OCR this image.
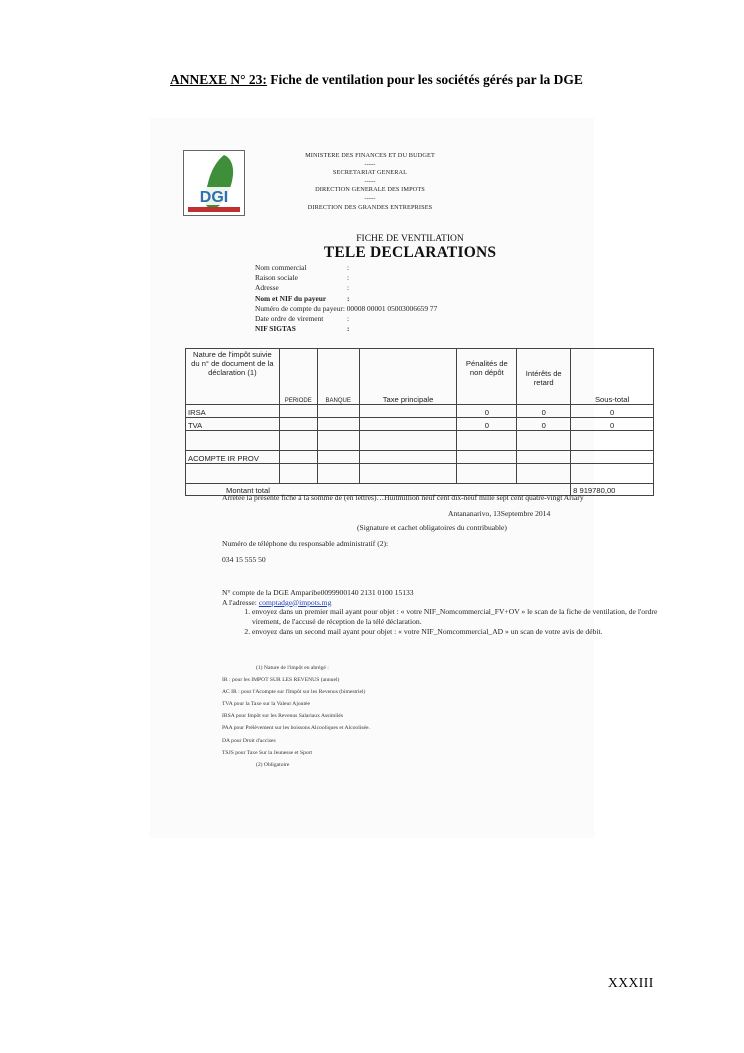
ANNEXE N° 23: Fiche de ventilation pour les sociétés gérés par la DGE
DGI
MINISTERE DES FINANCES ET DU BUDGET
-----
SECRETARIAT GENERAL
-----
DIRECTION GENERALE DES IMPOTS
-----
DIRECTION DES GRANDES ENTREPRISES
FICHE DE VENTILATION
TELE DECLARATIONS
Nom commercial	:
Raison sociale	:
Adresse	:
Nom et NIF du payeur	:
Numéro de compte du payeur: 00008 00001 05003006659 77
Date ordre de virement	:
NIF SIGTAS	:
Nature de l'impôt suivie du n° de document de la déclaration (1)	PERIODE	BANQUE	Taxe principale	Pénalités de non dépôt	Intérêts de retard	Sous-total
IRSA				0	0	0
TVA				0	0	0

ACOMPTE IR PROV						

Montant total						8 919780,00
Arrêtée la présente fiche à la somme de (en lettres)…Huitmillion neuf cent dix-neuf mille sept cent quatre-vingt Ariary
Antananarivo, 13Septembre 2014
(Signature et cachet obligatoires du contribuable)
Numéro de téléphone du responsable administratif (2):
034 15 555 50
N° compte de la DGE Amparibe0099900140 2131 0100 15133
A l'adresse: comptadge@impots.mg
1. envoyez dans un premier mail ayant pour objet : « votre NIF_Nomcommercial_FV+OV » le scan de la fiche de ventilation, de l'ordre virement, de l'accusé de réception de la télé déclaration.
2. envoyez dans un second mail ayant pour objet : « votre NIF_Nomcommercial_AD » un scan de votre avis de débit.
(1) Nature de l'impôt en abrégé :
IR : pour les IMPOT SUR LES REVENUS (annuel)
AC IR : pour l'Acompte sur l'Impôt sur les Revenus (bimestriel)
TVA pour la Taxe sur la Valeur Ajoutée
IRSA pour Impôt sur les Revenus Salariaux Assimilés
PAA pour Prélèvement sur les boissons Alcooliques et Alcoolisée.
DA pour Droit d'accises
TSJS pour Taxe Sur la Jeunesse et Sport
(2) Obligatoire
XXXIII
